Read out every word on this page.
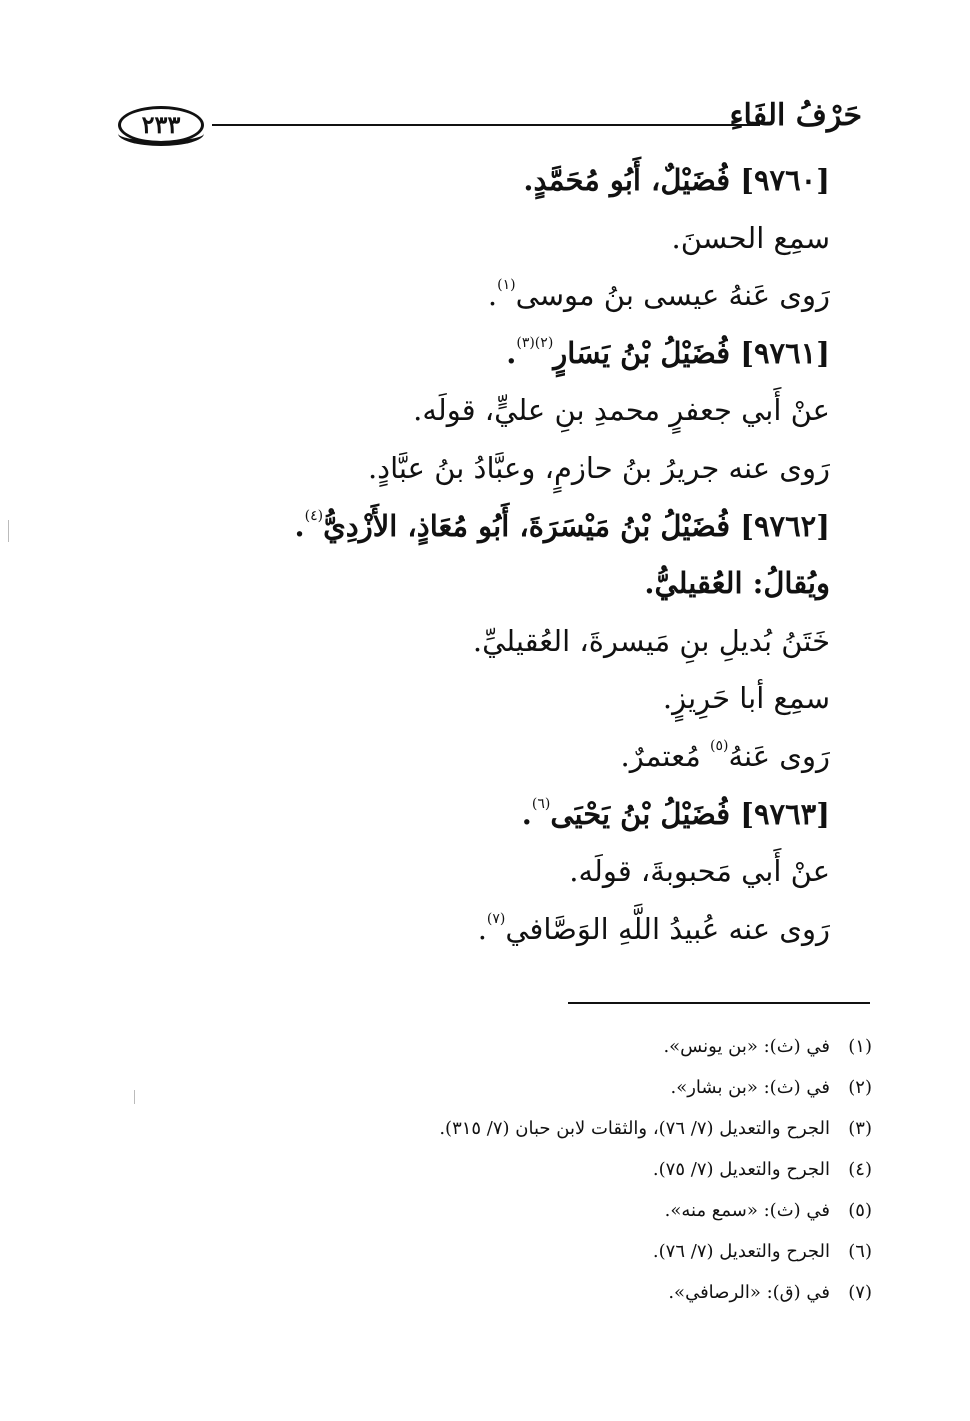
حَرْفُ الفَاءِ
٢٣٣
[٩٧٦٠] فُضَيْلٌ، أَبُو مُحَمَّدٍ.
سمِع الحسنَ.
رَوى عَنهُ عيسى بنُ موسى$^{(١)}$.
[٩٧٦١] فُضَيْلُ بْنُ يَسَارٍ$^{(٢)(٣)}$.
عنْ أَبي جعفرٍ محمدِ بنِ عليٍّ، قولَه.
رَوى عنه جريرُ بنُ حازمٍ، وعبَّادُ بنُ عبَّادٍ.
[٩٧٦٢] فُضَيْلُ بْنُ مَيْسَرَةَ، أَبُو مُعَاذٍ، الأَزْدِيُّ$^{(٤)}$.
ويُقالُ: العُقيليُّ.
خَتَنُ بُديلِ بنِ مَيسرةَ، العُقيليِّ.
سمِع أبا حَرِيزٍ.
رَوى عَنهُ$^{(٥)}$ مُعتمرٌ.
[٩٧٦٣] فُضَيْلُ بْنُ يَحْيَى$^{(٦)}$.
عنْ أَبي مَحبوبةَ، قولَه.
رَوى عنه عُبيدُ اللَّهِ الوَصَّافي$^{(٧)}$.
(١)في (ث): «بن يونس».
(٢)في (ث): «بن بشار».
(٣)الجرح والتعديل (٧/ ٧٦)، والثقات لابن حبان (٧/ ٣١٥).
(٤)الجرح والتعديل (٧/ ٧٥).
(٥)في (ث): «سمع منه».
(٦)الجرح والتعديل (٧/ ٧٦).
(٧)في (ق): «الرصافي».
